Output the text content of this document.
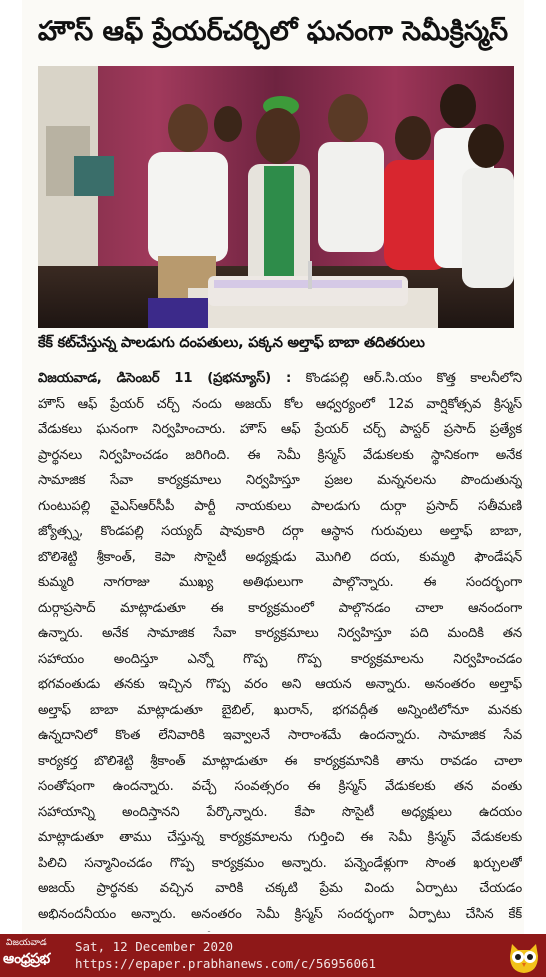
హౌస్ ఆఫ్ ప్రేయర్‌చర్చిలో ఘనంగా సెమీక్రిస్మస్
కేక్ కట్‌చేస్తున్న పాలడుగు దంపతులు, పక్కన అల్తాఫ్ బాబా తదితరులు
విజయవాడ, డిసెంబర్ 11 (ప్రభన్యూస్) : కొండపల్లి ఆర్.సి.యం కొత్త కాలనీలోని
హౌస్ ఆఫ్ ప్రేయర్ చర్చ్ నందు అజయ్ కోల ఆధ్వర్యంలో 12వ వార్షికోత్సవ క్రిస్మస్
వేడుకలు ఘనంగా నిర్వహించారు. హౌస్ ఆఫ్ ప్రేయర్ చర్చ్ పాస్టర్ ప్రసాద్ ప్రత్యేక
ప్రార్థనలు నిర్వహించడం జరిగింది. ఈ సెమీ క్రిస్మస్ వేడుకలకు స్థానికంగా అనేక
సామాజిక సేవా కార్యక్రమాలు నిర్వహిస్తూ ప్రజల మన్ననలను పొందుతున్న
గుంటుపల్లి వైఎస్ఆర్‌సీపీ పార్టీ నాయకులు పాలడుగు దుర్గా ప్రసాద్ సతీమణి
జ్యోత్స్న, కొండపల్లి సయ్యద్ షావుకారి దర్గా ఆస్థాన గురువులు అల్తాఫ్ బాబా,
బొలిశెట్టి శ్రీకాంత్, కెపా సొసైటీ అధ్యక్షుడు మొగిలి దయ, కుమ్మరి ఫౌండేషన్
కుమ్మరి నాగరాజు ముఖ్య అతిథులుగా పాల్గొన్నారు. ఈ సందర్భంగా
దుర్గాప్రసాద్ మాట్లాడుతూ ఈ కార్యక్రమంలో పాల్గొనడం చాలా ఆనందంగా
ఉన్నారు. అనేక సామాజిక సేవా కార్యక్రమాలు నిర్వహిస్తూ పది మందికి తన
సహాయం అందిస్తూ ఎన్నో గొప్ప గొప్ప కార్యక్రమాలను నిర్వహించడం
భగవంతుడు తనకు ఇచ్చిన గొప్ప వరం అని ఆయన అన్నారు. అనంతరం అల్తాఫ్
అల్తాఫ్ బాబా మాట్లాడుతూ బైబిల్, ఖురాన్, భగవద్గీత అన్నింటిలోనూ మనకు
ఉన్నదానిలో కొంత లేనివారికి ఇవ్వాలనే సారాంశమే ఉందన్నారు. సామాజిక సేవ
కార్యకర్త బొలిశెట్టి శ్రీకాంత్ మాట్లాడుతూ ఈ కార్యక్రమానికి తాను రావడం చాలా
సంతోషంగా ఉందన్నారు. వచ్చే సంవత్సరం ఈ క్రిస్మస్ వేడుకలకు తన వంతు
సహాయాన్ని అందిస్తానని పేర్కొన్నారు. కేపా సొసైటీ అధ్యక్షులు ఉదయం
మాట్లాడుతూ తాము చేస్తున్న కార్యక్రమాలను గుర్తించి ఈ సెమీ క్రిస్మస్ వేడుకలకు
పిలిచి సన్మానించడం గొప్ప కార్యక్రమం అన్నారు. పన్నెండేళ్లుగా సొంత ఖర్చులతో
అజయ్ ప్రార్థనకు వచ్చిన వారికి చక్కటి ప్రేమ విందు ఏర్పాటు చేయడం
అభినందనీయం అన్నారు. అనంతరం సెమీ క్రిస్మస్ సందర్భంగా ఏర్పాటు చేసిన కేక్
విజయవాడ
ఆంధ్రప్రభ
Sat, 12 December 2020
https://epaper.prabhanews.com/c/56956061
